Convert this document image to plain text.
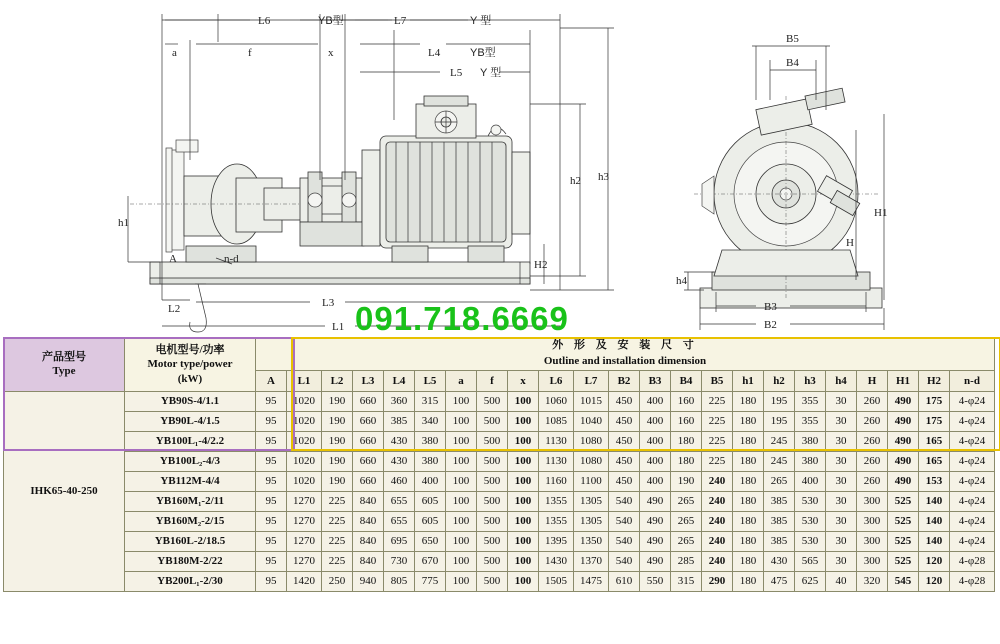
L6	YB型	L7	Y 型
a	f	x	L4	YB型
L5 Y 型
h1
A	n-d
L2	L3
L1
h2 h3
H2
B5
B4
h4
B3
B2
H
H1
091.718.6669
产品型号
Type	电机型号/功率
Motor type/power
(kW)	外 形 及 安 装 尺 寸
Outline and installation dimension																						
		A	L1	L2	L3	L4	L5	a	f	x	L6	L7	B2	B3	B4	B5	h1	h2	h3	h4	H	H1	H2	n-d
IHK65-40-250	YB90S-4/1.1	95	1020	190	660	360	315	100	500	100	1060	1015	450	400	160	225	180	195	355	30	260	490	175	4-φ24
	YB90L-4/1.5	95	1020	190	660	385	340	100	500	100	1085	1040	450	400	160	225	180	195	355	30	260	490	175	4-φ24
	YB100L₁-4/2.2	95	1020	190	660	430	380	100	500	100	1130	1080	450	400	180	225	180	245	380	30	260	490	165	4-φ24
	YB100L₂-4/3	95	1020	190	660	430	380	100	500	100	1130	1080	450	400	180	225	180	245	380	30	260	490	165	4-φ24
	YB112M-4/4	95	1020	190	660	460	400	100	500	100	1160	1100	450	400	190	240	180	265	400	30	260	490	153	4-φ24
	YB160M₁-2/11	95	1270	225	840	655	605	100	500	100	1355	1305	540	490	265	240	180	385	530	30	300	525	140	4-φ24
	YB160M₂-2/15	95	1270	225	840	655	605	100	500	100	1355	1305	540	490	265	240	180	385	530	30	300	525	140	4-φ24
	YB160L-2/18.5	95	1270	225	840	695	650	100	500	100	1395	1350	540	490	265	240	180	385	530	30	300	525	140	4-φ24
	YB180M-2/22	95	1270	225	840	730	670	100	500	100	1430	1370	540	490	285	240	180	430	565	30	300	525	120	4-φ28
	YB200L₁-2/30	95	1420	250	940	805	775	100	500	100	1505	1475	610	550	315	290	180	475	625	40	320	545	120	4-φ28
